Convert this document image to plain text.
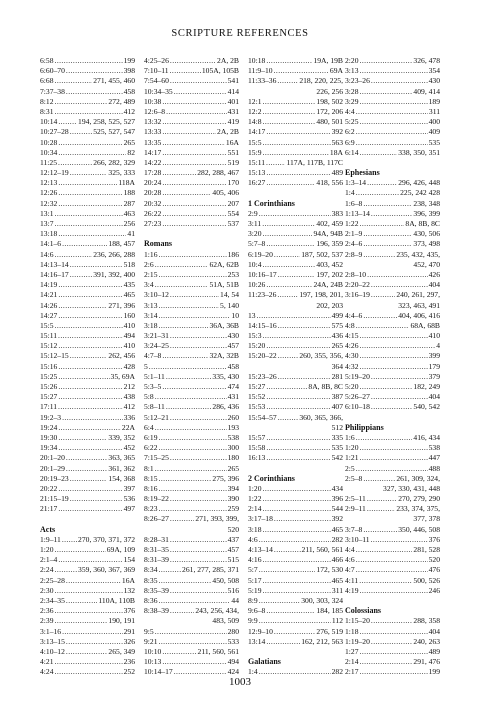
SCRIPTURE REFERENCES
6:58 .....	199
6:60–70 .....	398
6:68 .....	271, 455, 460
7:37–38 .....	458
8:12 .....	272, 489
8:31 .....	412
10:14 .....	194, 258, 525, 527
10:27–28 .....	525, 527, 547
10:28 .....	265
10:34 .....	82
11:25 .....	266, 282, 329
12:12–19 .....	325, 333
12:13 .....	118A
12:26 .....	188
12:32 .....	287
13:1 .....	463
13:7 .....	256
13:18 .....	41
14:1–6 .....	188, 457
14:6 .....	236, 266, 288
14:13–14 .....	518
14:16–17 .....	391, 392, 400
14:19 .....	435
14:21 .....	465
14:26 .....	271, 396
14:27 .....	160
15:5 .....	410
15:11 .....	494
15:12 .....	410
15:12–15 .....	262, 456
15:16 .....	428
15:25 .....	35, 69A
15:26 .....	212
15:27 .....	438
17:11 .....	412
19:2–3 .....	336
19:24 .....	22A
19:30 .....	339, 352
19:34 .....	452
20:1–20 .....	363, 365
20:1–29 .....	361, 362
20:19–23 .....	154, 368
20:22 .....	397
21:15–19 .....	536
21:17 .....	497
Acts
1:9–11 ..... 270, 370, 371, 372
1:20 .....	69A, 109
2:1–4 .....	154
2:24 .....	359, 360, 367, 369
2:25–28 .....	16A
2:30 .....	132
2:34–35 .....	110A, 110B
2:36 .....	376
2:39 .....	190, 191
3:1–16 .....	291
3:13–15 .....	326
4:10–12 .....	265, 349
4:21 .....	236
4:24 .....	252
4:25–26 .....	2A, 2B
7:10–11 .....	105A, 105B
7:54–60 .....	541
10:34–35 .....	414
10:38 .....	401
12:6–8 .....	431
13:32 .....	419
13:33 .....	2A, 2B
13:35 .....	16A
14:17 .....	551
14:22 .....	519
17:28 .....	282, 288, 467
20:24 .....	170
20:28 .....	405, 406
20:32 .....	207
26:22 .....	554
27:23 .....	537
Romans
1:16 .....	186
2:6 .....	62A, 62B
2:15 .....	253
3:4 .....	51A, 51B
3:10–12 .....	14, 54
3:13 .....	5, 140
3:14 .....	10
3:18 .....	36A, 36B
3:21–31 .....	430
3:24–25 .....	457
4:7–8 .....	32A, 32B
5 .....	458
5:1–11 .....	335, 430
5:3–5 .....	474
5:8 .....	431
5:8–11 .....	286, 436
5:12–21 .....	260
6:4 .....	193
6:19 .....	538
6:22 .....	300
7:15–25 .....	180
8:1 .....	265
8:15 .....	275, 396
8:16 .....	394
8:19–22 .....	390
8:23 .....	259
8:26–27 .....	271, 393, 399,
520
8:28–31 .....	437
8:31–35 .....	457
8:31–39 .....	515
8:34 .....	261, 277, 285, 371
8:35 .....	450, 508
8:35–39 .....	516
8:36 .....	44
8:38–39 .....	243, 256, 434,
483, 509
9:5 .....	280
9:21 .....	533
10:10 .....	211, 560, 561
10:13 .....	494
10:14–17 .....	424
10:18 .....	19A, 19B
11:9–10 .....	69A
11:33–36 .....	218, 220, 225,
226, 256
12:1 .....	198, 502
12:2 .....	172, 206
14:8 .....	480, 501
14:17 .....	392
15:5 .....	563
15:9 .....	18A
15:11 .....	117A, 117B, 117C
15:13 .....	489
16:27 .....	418, 556
1 Corinthians
2:9 .....	383
3:11 .....	402, 459
3:20 .....	94A, 94B
5:7–8 .....	196, 359
6:19–20 .....	187, 502, 537
10:4 .....	403, 452
10:16–17 .....	197, 202
10:26 .....	24A, 24B
11:23–26 .....	197, 198, 201,
202, 203
13 .....	499
14:15–16 .....	575
15:3 .....	436
15:20 .....	265
15:20–22 .....	260, 355, 356,
364
15:23–26 .....	281
15:27 .....	8A, 8B, 8C
15:52 .....	387
15:53 .....	407
15:54–57 .....	360, 365, 366,
512
15:57 .....	335
15:58 .....	535
16:13 .....	542
2 Corinthians
1:20 .....	434
1:22 .....	396
2:14 .....	544
3:17–18 .....	392
3:18 .....	465
4:6 .....	282
4:13–14 .....	211, 560, 561
4:16 .....	466
5:7 .....	172, 530
5:17 .....	465
5:19 .....	311
8:9 .....	300, 303, 324
9:6–8 .....	184, 185
9:9 .....	112
12:9–10 .....	276, 519
13:14 .....	162, 212, 563
Galatians
1:4 .....	282
2:20 .....	326, 478
3:13 .....	354
3:23–26 .....	430
3:28 .....	409, 414
3:29 .....	189
4:4 .....	311
5:25 .....	400
6:2 .....	409
6:9 .....	535
6:14 .....	338, 350, 351
Ephesians
1:3–14 .....	296, 426, 448
1:4 .....	225, 242 428
1:6–8 .....	238, 348
1:13–14 .....	396, 399
1:22 .....	8A, 8B, 8C
2:1–9 .....	430, 506
2:4–6 .....	373, 498
2:8–9 .....	235, 432, 435,
452, 470
2:8–10 .....	426
2:20–22 .....	404
3:16–19 .....	240, 261, 297,
323, 463, 491
4:4–6 .....	404, 406, 416
4:8 .....	68A, 68B
4:15 .....	410
4:26 .....	4
4:30 .....	399
4:32 .....	179
5:19–20 .....	379
5:20 .....	182, 249
5:26–27 .....	404
6:10–18 .....	540, 542
Philippians
1:6 .....	416, 434
1:20 .....	538
1:21 .....	447
2:5 .....	488
2:5–8 .....	261, 309, 324,
327, 330, 431, 448
2:5–11 .....	270, 279, 290
2:9–11 .....	233, 374, 375,
377, 378
3:7–8 .....	350, 446, 508
3:10–11 .....	376
4:4 .....	281, 528
4:6 .....	520
4:7 .....	476
4:11 .....	500, 526
4:19 .....	246
Colossians
1:15–20 .....	288, 358
1:18 .....	404
1:19–20 .....	240, 263
1:27 .....	489
2:14 .....	291, 476
2:17 .....	199
1003
